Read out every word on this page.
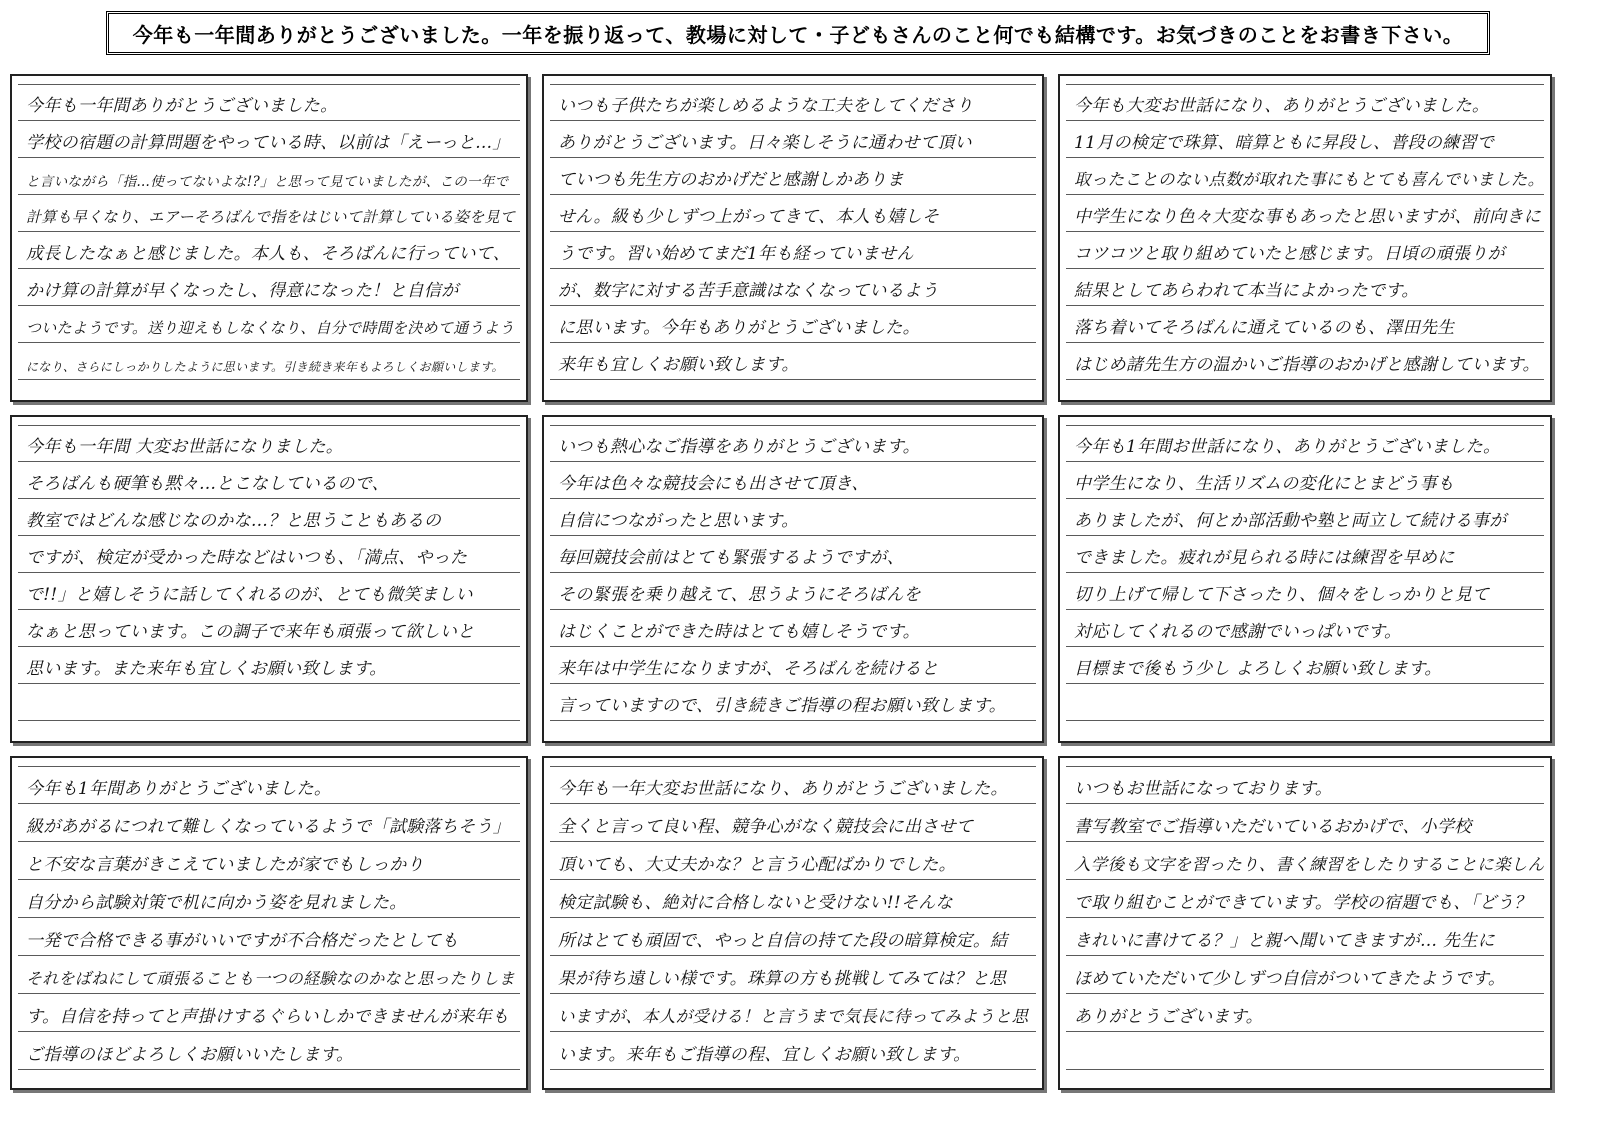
今年も一年間ありがとうございました。一年を振り返って、教場に対して・子どもさんのこと何でも結構です。お気づきのことをお書き下さい。
今年も一年間ありがとうございました。
学校の宿題の計算問題をやっている時、以前は「えーっと…」
と言いながら「指…使ってないよな!?」と思って見ていましたが、この一年で
計算も早くなり、エアーそろばんで指をはじいて計算している姿を見て
成長したなぁと感じました。本人も、そろばんに行っていて、
かけ算の計算が早くなったし、得意になった！と自信が
ついたようです。送り迎えもしなくなり、自分で時間を決めて通うよう
になり、さらにしっかりしたように思います。引き続き来年もよろしくお願いします。
いつも子供たちが楽しめるような工夫をしてくださり
ありがとうございます。日々楽しそうに通わせて頂い
ていつも先生方のおかげだと感謝しかありま
せん。級も少しずつ上がってきて、本人も嬉しそ
うです。習い始めてまだ1年も経っていません
が、数字に対する苦手意識はなくなっているよう
に思います。今年もありがとうございました。
来年も宜しくお願い致します。
今年も大変お世話になり、ありがとうございました。
11月の検定で珠算、暗算ともに昇段し、普段の練習で
取ったことのない点数が取れた事にもとても喜んでいました。
中学生になり色々大変な事もあったと思いますが、前向きに
コツコツと取り組めていたと感じます。日頃の頑張りが
結果としてあらわれて本当によかったです。
落ち着いてそろばんに通えているのも、澤田先生
はじめ諸先生方の温かいご指導のおかげと感謝しています。
今年も一年間 大変お世話になりました。
そろばんも硬筆も黙々…とこなしているので、
教室ではどんな感じなのかな…？と思うこともあるの
ですが、検定が受かった時などはいつも、「満点、やった
で!!」と嬉しそうに話してくれるのが、とても微笑ましい
なぁと思っています。この調子で来年も頑張って欲しいと
思います。また来年も宜しくお願い致します。
いつも熱心なご指導をありがとうございます。
今年は色々な競技会にも出させて頂き、
自信につながったと思います。
毎回競技会前はとても緊張するようですが、
その緊張を乗り越えて、思うようにそろばんを
はじくことができた時はとても嬉しそうです。
来年は中学生になりますが、そろばんを続けると
言っていますので、引き続きご指導の程お願い致します。
今年も1年間お世話になり、ありがとうございました。
中学生になり、生活リズムの変化にとまどう事も
ありましたが、何とか部活動や塾と両立して続ける事が
できました。疲れが見られる時には練習を早めに
切り上げて帰して下さったり、個々をしっかりと見て
対応してくれるので感謝でいっぱいです。
目標まで後もう少し よろしくお願い致します。
今年も1年間ありがとうございました。
級があがるにつれて難しくなっているようで「試験落ちそう」
と不安な言葉がきこえていましたが家でもしっかり
自分から試験対策で机に向かう姿を見れました。
一発で合格できる事がいいですが不合格だったとしても
それをばねにして頑張ることも一つの経験なのかなと思ったりしま
す。自信を持ってと声掛けするぐらいしかできませんが来年も
ご指導のほどよろしくお願いいたします。
今年も一年大変お世話になり、ありがとうございました。
全くと言って良い程、競争心がなく競技会に出させて
頂いても、大丈夫かな？と言う心配ばかりでした。
検定試験も、絶対に合格しないと受けない!!そんな
所はとても頑固で、やっと自信の持てた段の暗算検定。結
果が待ち遠しい様です。珠算の方も挑戦してみては？と思
いますが、本人が受ける！と言うまで気長に待ってみようと思
います。来年もご指導の程、宜しくお願い致します。
いつもお世話になっております。
書写教室でご指導いただいているおかげで、小学校
入学後も文字を習ったり、書く練習をしたりすることに楽しん
で取り組むことができています。学校の宿題でも、「どう？
きれいに書けてる？」と親へ聞いてきますが… 先生に
ほめていただいて少しずつ自信がついてきたようです。
ありがとうございます。
